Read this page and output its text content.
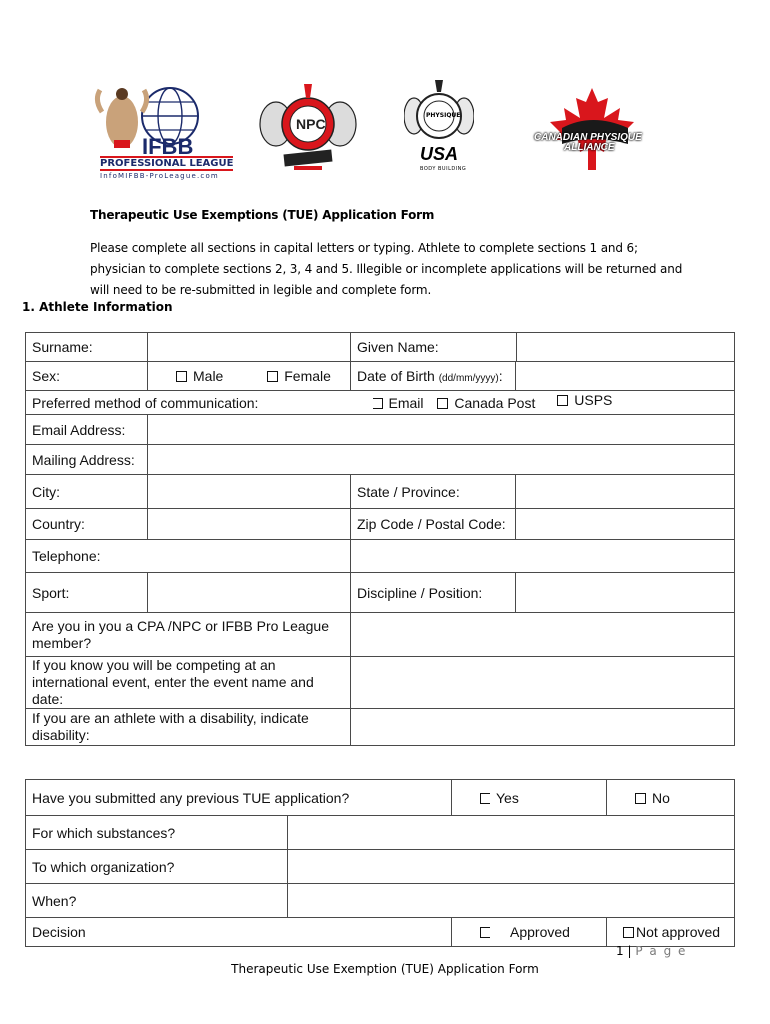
IFBB
PROFESSIONAL LEAGUE
InfoMIFBB-ProLeague.com
NPC
PHYSIQUE
USA
BODY BUILDING
CANADIAN PHYSIQUE
ALLIANCE
Therapeutic Use Exemptions (TUE) Application Form
Please complete all sections in capital letters or typing. Athlete to complete sections 1 and 6; physician to complete sections 2, 3, 4 and 5. Illegible or incomplete applications will be returned and will need to be re-submitted in legible and complete form.
1. Athlete Information
Surname:		Given Name:	

Sex:	Male Female	Date of Birth (dd/mm/yyyy):	
Preferred method of communication:		Email Canada Post USPS	
Email Address:			
Mailing Address:			
City:		State / Province:	
Country:		Zip Code / Postal Code:	
Telephone:			
Sport:		Discipline / Position:	
Are you in you a CPA /NPC or IFBB Pro League member?			
If you know you will be competing at an international event, enter the event name and date:			
If you are an athlete with a disability, indicate disability:			
Have you submitted any previous TUE application?		Yes	No
For which substances?			
To which organization?			
When?			
Decision		Approved	Not approved
1 | P a g e
Therapeutic Use Exemption (TUE) Application Form
